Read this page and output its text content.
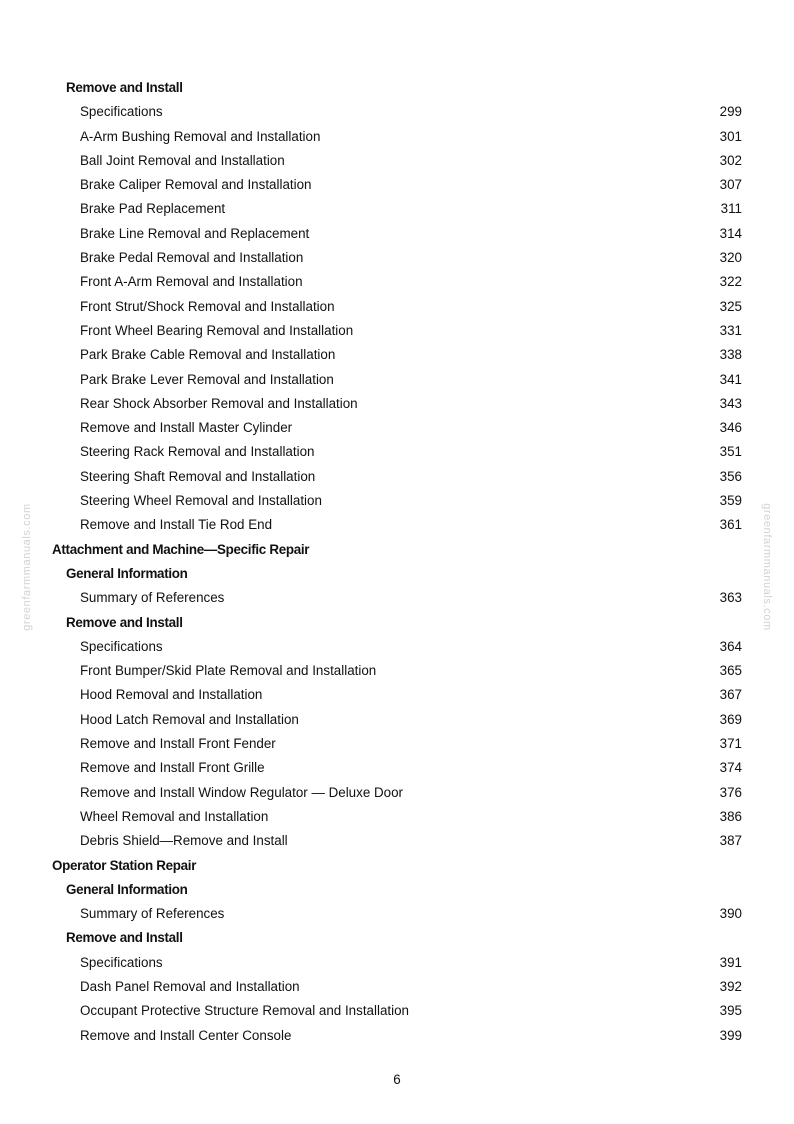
greenfarmmanuals.com	greenfarmmanuals.com
Remove and Install
Specifications	299
A-Arm Bushing Removal and Installation	301
Ball Joint Removal and Installation	302
Brake Caliper Removal and Installation	307
Brake Pad Replacement	311
Brake Line Removal and Replacement	314
Brake Pedal Removal and Installation	320
Front A-Arm Removal and Installation	322
Front Strut/Shock Removal and Installation	325
Front Wheel Bearing Removal and Installation	331
Park Brake Cable Removal and Installation	338
Park Brake Lever Removal and Installation	341
Rear Shock Absorber Removal and Installation	343
Remove and Install Master Cylinder	346
Steering Rack Removal and Installation	351
Steering Shaft Removal and Installation	356
Steering Wheel Removal and Installation	359
Remove and Install Tie Rod End	361
Attachment and Machine—Specific Repair
General Information
Summary of References	363
Remove and Install
Specifications	364
Front Bumper/Skid Plate Removal and Installation	365
Hood Removal and Installation	367
Hood Latch Removal and Installation	369
Remove and Install Front Fender	371
Remove and Install Front Grille	374
Remove and Install Window Regulator — Deluxe Door	376
Wheel Removal and Installation	386
Debris Shield—Remove and Install	387
Operator Station Repair
General Information
Summary of References	390
Remove and Install
Specifications	391
Dash Panel Removal and Installation	392
Occupant Protective Structure Removal and Installation	395
Remove and Install Center Console	399
6
